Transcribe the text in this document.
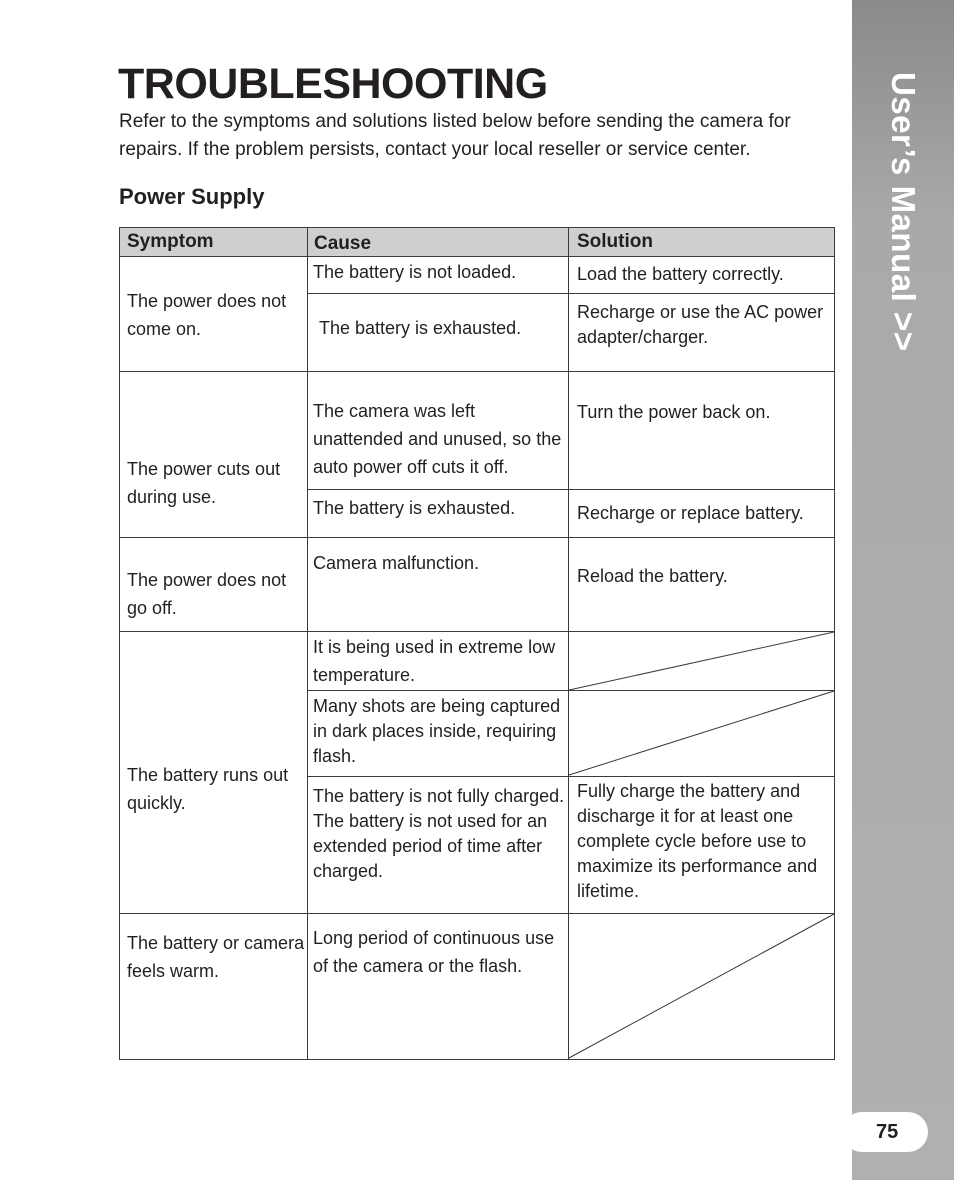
User’s Manual >>
75
TROUBLESHOOTING

Refer to the symptoms and solutions listed below before sending the camera for repairs. If the problem persists, contact your local reseller or service center.

Power Supply
Symptom	Cause	Solution
The power does not come on.
The power cuts out during use.
The power does not go off.
The battery runs out quickly.
The battery or camera feels warm.
The battery is not loaded.
The battery is exhausted.
The camera was left unattended and unused, so the auto power off cuts it off.
The battery is exhausted.
Camera malfunction.
It is being used in extreme low temperature.
Many shots are being captured in dark places inside, requiring flash.
The battery is not fully charged.
The battery is not used for an extended period of time after charged.
Long period of continuous use of the camera or the flash.
Load the battery correctly.
Recharge or use the AC power adapter/charger.
Turn the power back on.
Recharge or replace battery.
Reload the battery.
Fully charge the battery and discharge it for at least one complete cycle before use to maximize its performance and lifetime.
